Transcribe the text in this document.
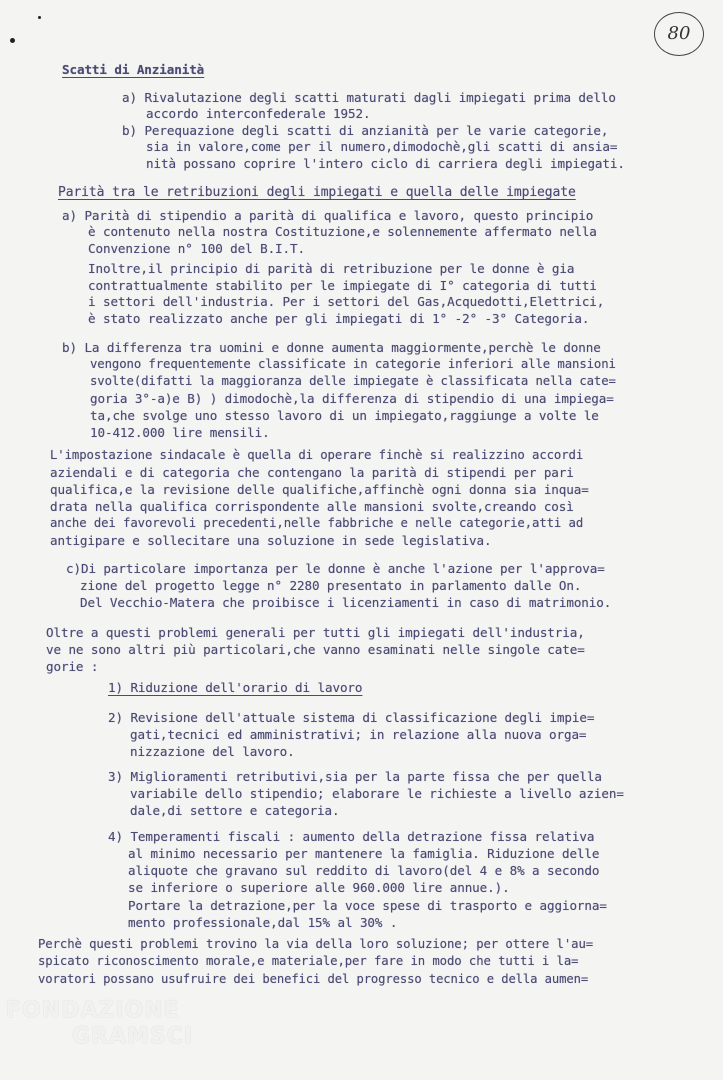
80
Scatti di Anzianità
a) Rivalutazione degli scatti maturati dagli impiegati prima dello
accordo interconfederale 1952.
b) Perequazione degli scatti di anzianità per le varie categorie,
sia in valore,come per il numero,dimodochè,gli scatti di ansia=
nità possano coprire l'intero ciclo di carriera degli impiegati.
Parità tra le retribuzioni degli impiegati e quella delle impiegate
a) Parità di stipendio a parità di qualifica e lavoro, questo principio
è contenuto nella nostra Costituzione,e solennemente affermato nella
Convenzione n° 100 del B.I.T.
Inoltre,il principio di parità di retribuzione per le donne è gia
contrattualmente stabilito per le impiegate di I° categoria di tutti
i settori dell'industria. Per i settori del Gas,Acquedotti,Elettrici,
è stato realizzato anche per gli impiegati di 1° -2° -3° Categoria.
b) La differenza tra uomini e donne aumenta maggiormente,perchè le donne
vengono frequentemente classificate in categorie inferiori alle mansioni
svolte(difatti la maggioranza delle impiegate è classificata nella cate=
goria 3°-a)e B) ) dimodochè,la differenza di stipendio di una impiega=
ta,che svolge uno stesso lavoro di un impiegato,raggiunge a volte le
10-412.000 lire mensili.
L'impostazione sindacale è quella di operare finchè si realizzino accordi
aziendali e di categoria che contengano la parità di stipendi per pari
qualifica,e la revisione delle qualifiche,affinchè ogni donna sia inqua=
drata nella qualifica corrispondente alle mansioni svolte,creando così
anche dei favorevoli precedenti,nelle fabbriche e nelle categorie,atti ad
antigipare e sollecitare una soluzione in sede legislativa.
c)Di particolare importanza per le donne è anche l'azione per l'approva=
zione del progetto legge n° 2280 presentato in parlamento dalle On.
Del Vecchio-Matera che proibisce i licenziamenti in caso di matrimonio.
Oltre a questi problemi generali per tutti gli impiegati dell'industria,
ve ne sono altri più particolari,che vanno esaminati nelle singole cate=
gorie :
1) Riduzione dell'orario di lavoro
2) Revisione dell'attuale sistema di classificazione degli impie=
gati,tecnici ed amministrativi; in relazione alla nuova orga=
nizzazione del lavoro.
3) Miglioramenti retributivi,sia per la parte fissa che per quella
variabile dello stipendio; elaborare le richieste a livello azien=
dale,di settore e categoria.
4) Temperamenti fiscali : aumento della detrazione fissa relativa
al minimo necessario per mantenere la famiglia. Riduzione delle
aliquote che gravano sul reddito di lavoro(del 4 e 8% a secondo
se inferiore o superiore alle 960.000 lire annue.).
Portare la detrazione,per la voce spese di trasporto e aggiorna=
mento professionale,dal 15% al 30% .
Perchè questi problemi trovino la via della loro soluzione; per ottere l'au=
spicato riconoscimento morale,e materiale,per fare in modo che tutti i la=
voratori possano usufruire dei benefici del progresso tecnico e della aumen=
FONDAZIONE
GRAMSCI
